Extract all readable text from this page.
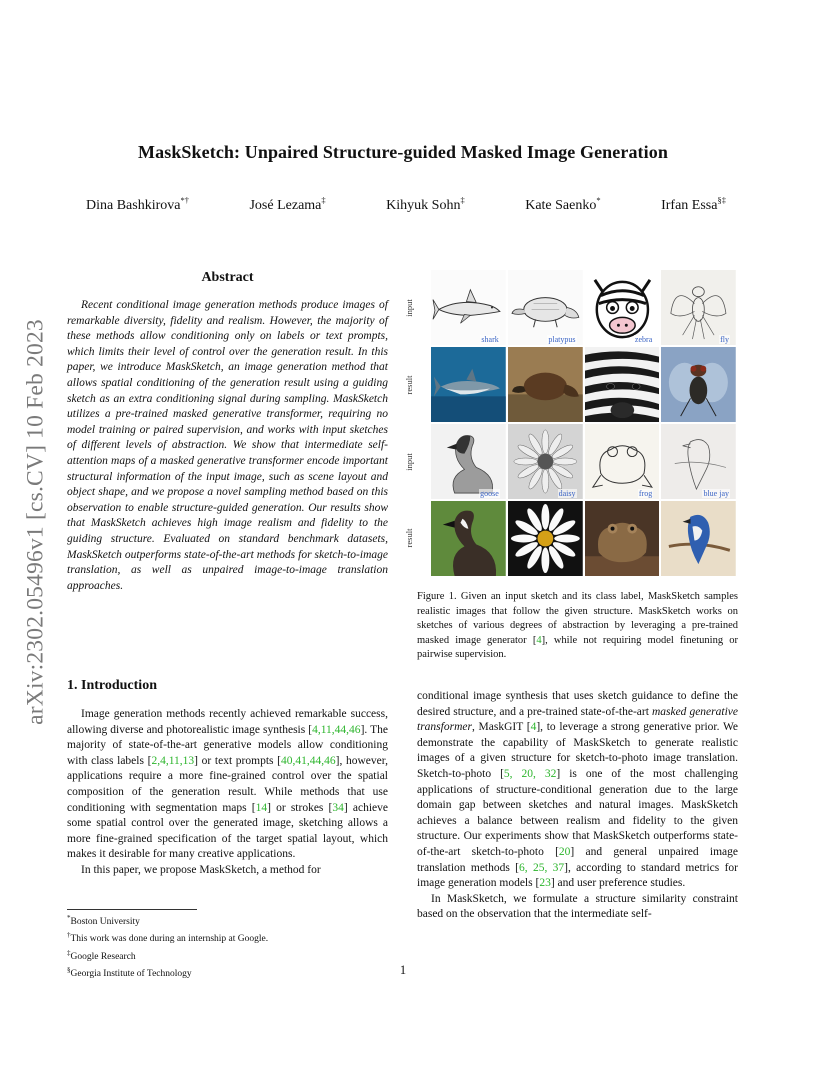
arXiv:2302.05496v1 [cs.CV] 10 Feb 2023
MaskSketch: Unpaired Structure-guided Masked Image Generation
Dina Bashkirova*†	José Lezama‡	Kihyuk Sohn‡	Kate Saenko*	Irfan Essa§‡
Abstract

Recent conditional image generation methods produce images of remarkable diversity, fidelity and realism. However, the majority of these methods allow conditioning only on labels or text prompts, which limits their level of control over the generation result. In this paper, we introduce MaskSketch, an image generation method that allows spatial conditioning of the generation result using a guiding sketch as an extra conditioning signal during sampling. MaskSketch utilizes a pre-trained masked generative transformer, requiring no model training or paired supervision, and works with input sketches of different levels of abstraction. We show that intermediate self-attention maps of a masked generative transformer encode important structural information of the input image, such as scene layout and object shape, and we propose a novel sampling method based on this observation to enable structure-guided generation. Our results show that MaskSketch achieves high image realism and fidelity to the guiding structure. Evaluated on standard benchmark datasets, MaskSketch outperforms state-of-the-art methods for sketch-to-image translation, as well as unpaired image-to-image translation approaches.

1. Introduction

Image generation methods recently achieved remarkable success, allowing diverse and photorealistic image synthesis [4,11,44,46]. The majority of state-of-the-art generative models allow conditioning with class labels [2,4,11,13] or text prompts [40,41,44,46], however, applications require a more fine-grained control over the spatial composition of the generation result. While methods that use conditioning with segmentation maps [14] or strokes [34] achieve some spatial control over the generated image, sketching allows a more fine-grained specification of the target spatial layout, which makes it desirable for many creative applications.

In this paper, we propose MaskSketch, a method for

*Boston University
†This work was done during an internship at Google.
‡Google Research
§Georgia Institute of Technology
input
result
input
result
shark	platypus	zebra	fly
goose	daisy	frog	blue jay
Figure 1. Given an input sketch and its class label, MaskSketch samples realistic images that follow the given structure. MaskSketch works on sketches of various degrees of abstraction by leveraging a pre-trained masked image generator [4], while not requiring model finetuning or pairwise supervision.

conditional image synthesis that uses sketch guidance to define the desired structure, and a pre-trained state-of-the-art masked generative transformer, MaskGIT [4], to leverage a strong generative prior. We demonstrate the capability of MaskSketch to generate realistic images of a given structure for sketch-to-photo image translation. Sketch-to-photo [5, 20, 32] is one of the most challenging applications of structure-conditional generation due to the large domain gap between sketches and natural images. MaskSketch achieves a balance between realism and fidelity to the given structure. Our experiments show that MaskSketch outperforms state-of-the-art sketch-to-photo [20] and general unpaired image translation methods [6, 25, 37], according to standard metrics for image generation models [23] and user preference studies.

In MaskSketch, we formulate a structure similarity constraint based on the observation that the intermediate self-

1
